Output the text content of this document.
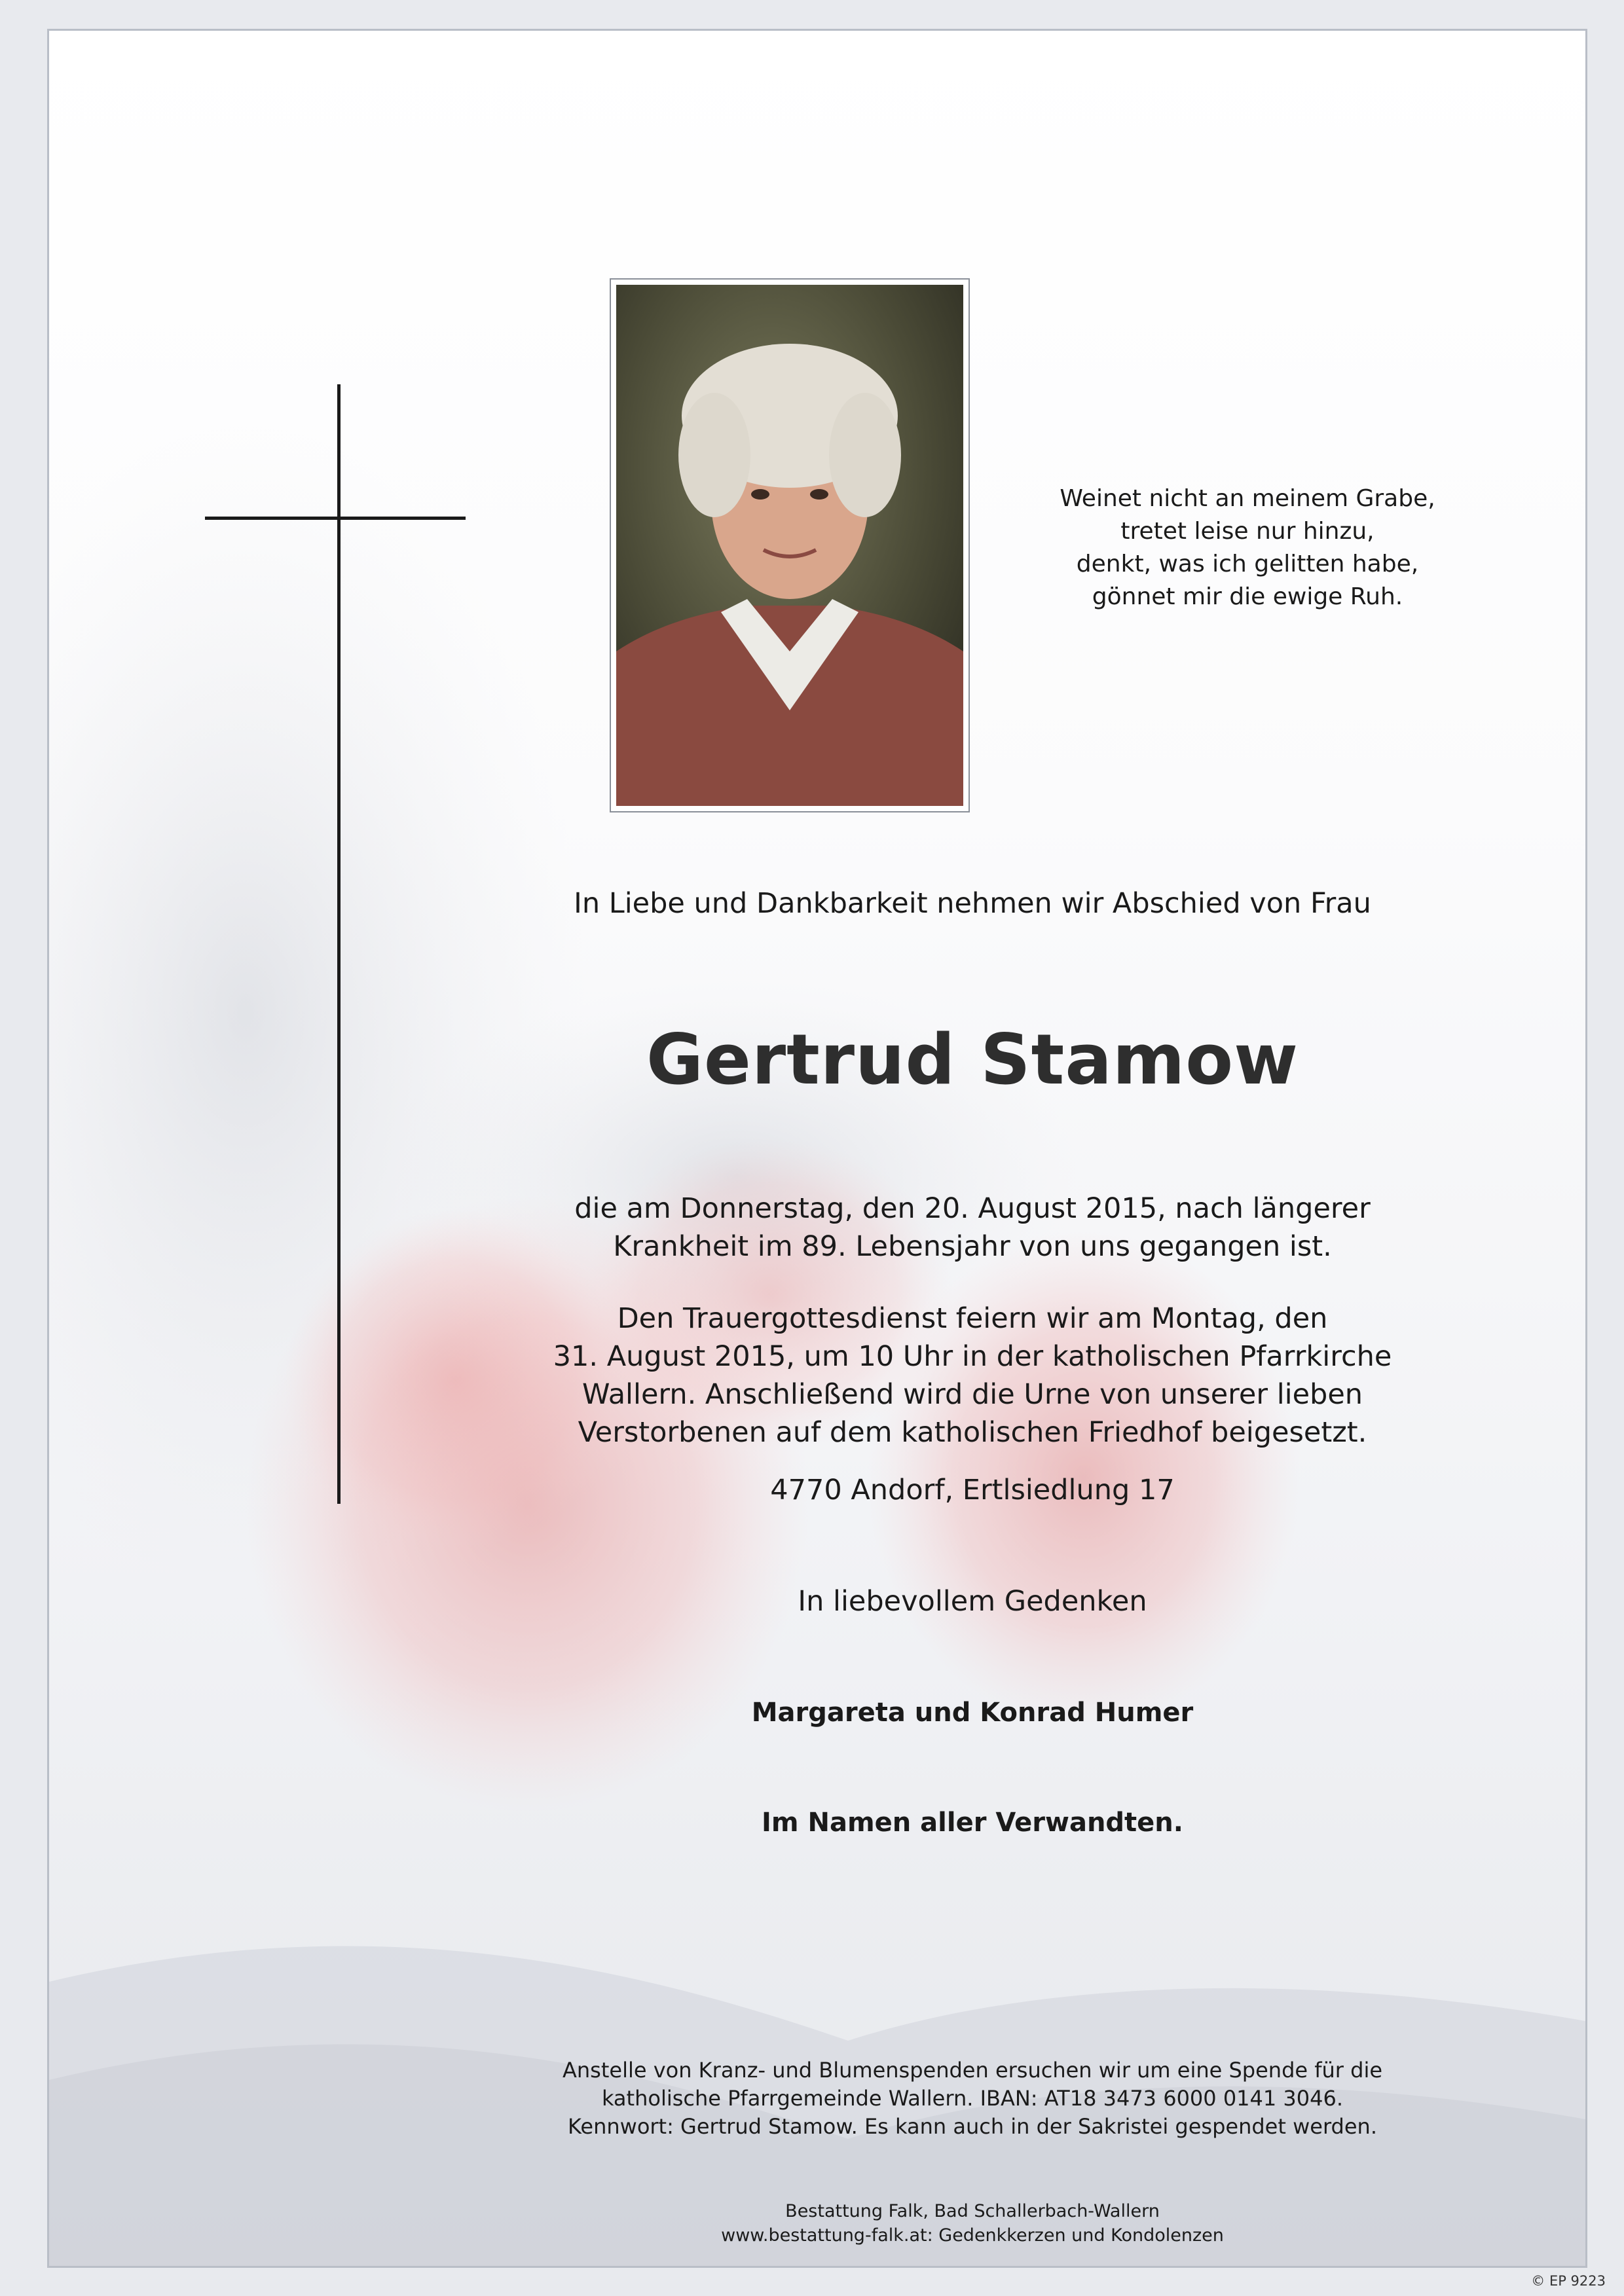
Weinet nicht an meinem Grabe,
tretet leise nur hinzu,
denkt, was ich gelitten habe,
gönnet mir die ewige Ruh.
In Liebe und Dankbarkeit nehmen wir Abschied von Frau
Gertrud Stamow
die am Donnerstag, den 20. August 2015, nach längerer
Krankheit im 89. Lebensjahr von uns gegangen ist.
Den Trauergottesdienst feiern wir am Montag, den
31. August 2015, um 10 Uhr in der katholischen Pfarrkirche
Wallern. Anschließend wird die Urne von unserer lieben
Verstorbenen auf dem katholischen Friedhof beigesetzt.
4770 Andorf, Ertlsiedlung 17
In liebevollem Gedenken
Margareta und Konrad Humer
Im Namen aller Verwandten.
Anstelle von Kranz- und Blumenspenden ersuchen wir um eine Spende für die
katholische Pfarrgemeinde Wallern. IBAN: AT18 3473 6000 0141 3046.
Kennwort: Gertrud Stamow. Es kann auch in der Sakristei gespendet werden.
Bestattung Falk, Bad Schallerbach-Wallern
www.bestattung-falk.at: Gedenkkerzen und Kondolenzen
© EP 9223
